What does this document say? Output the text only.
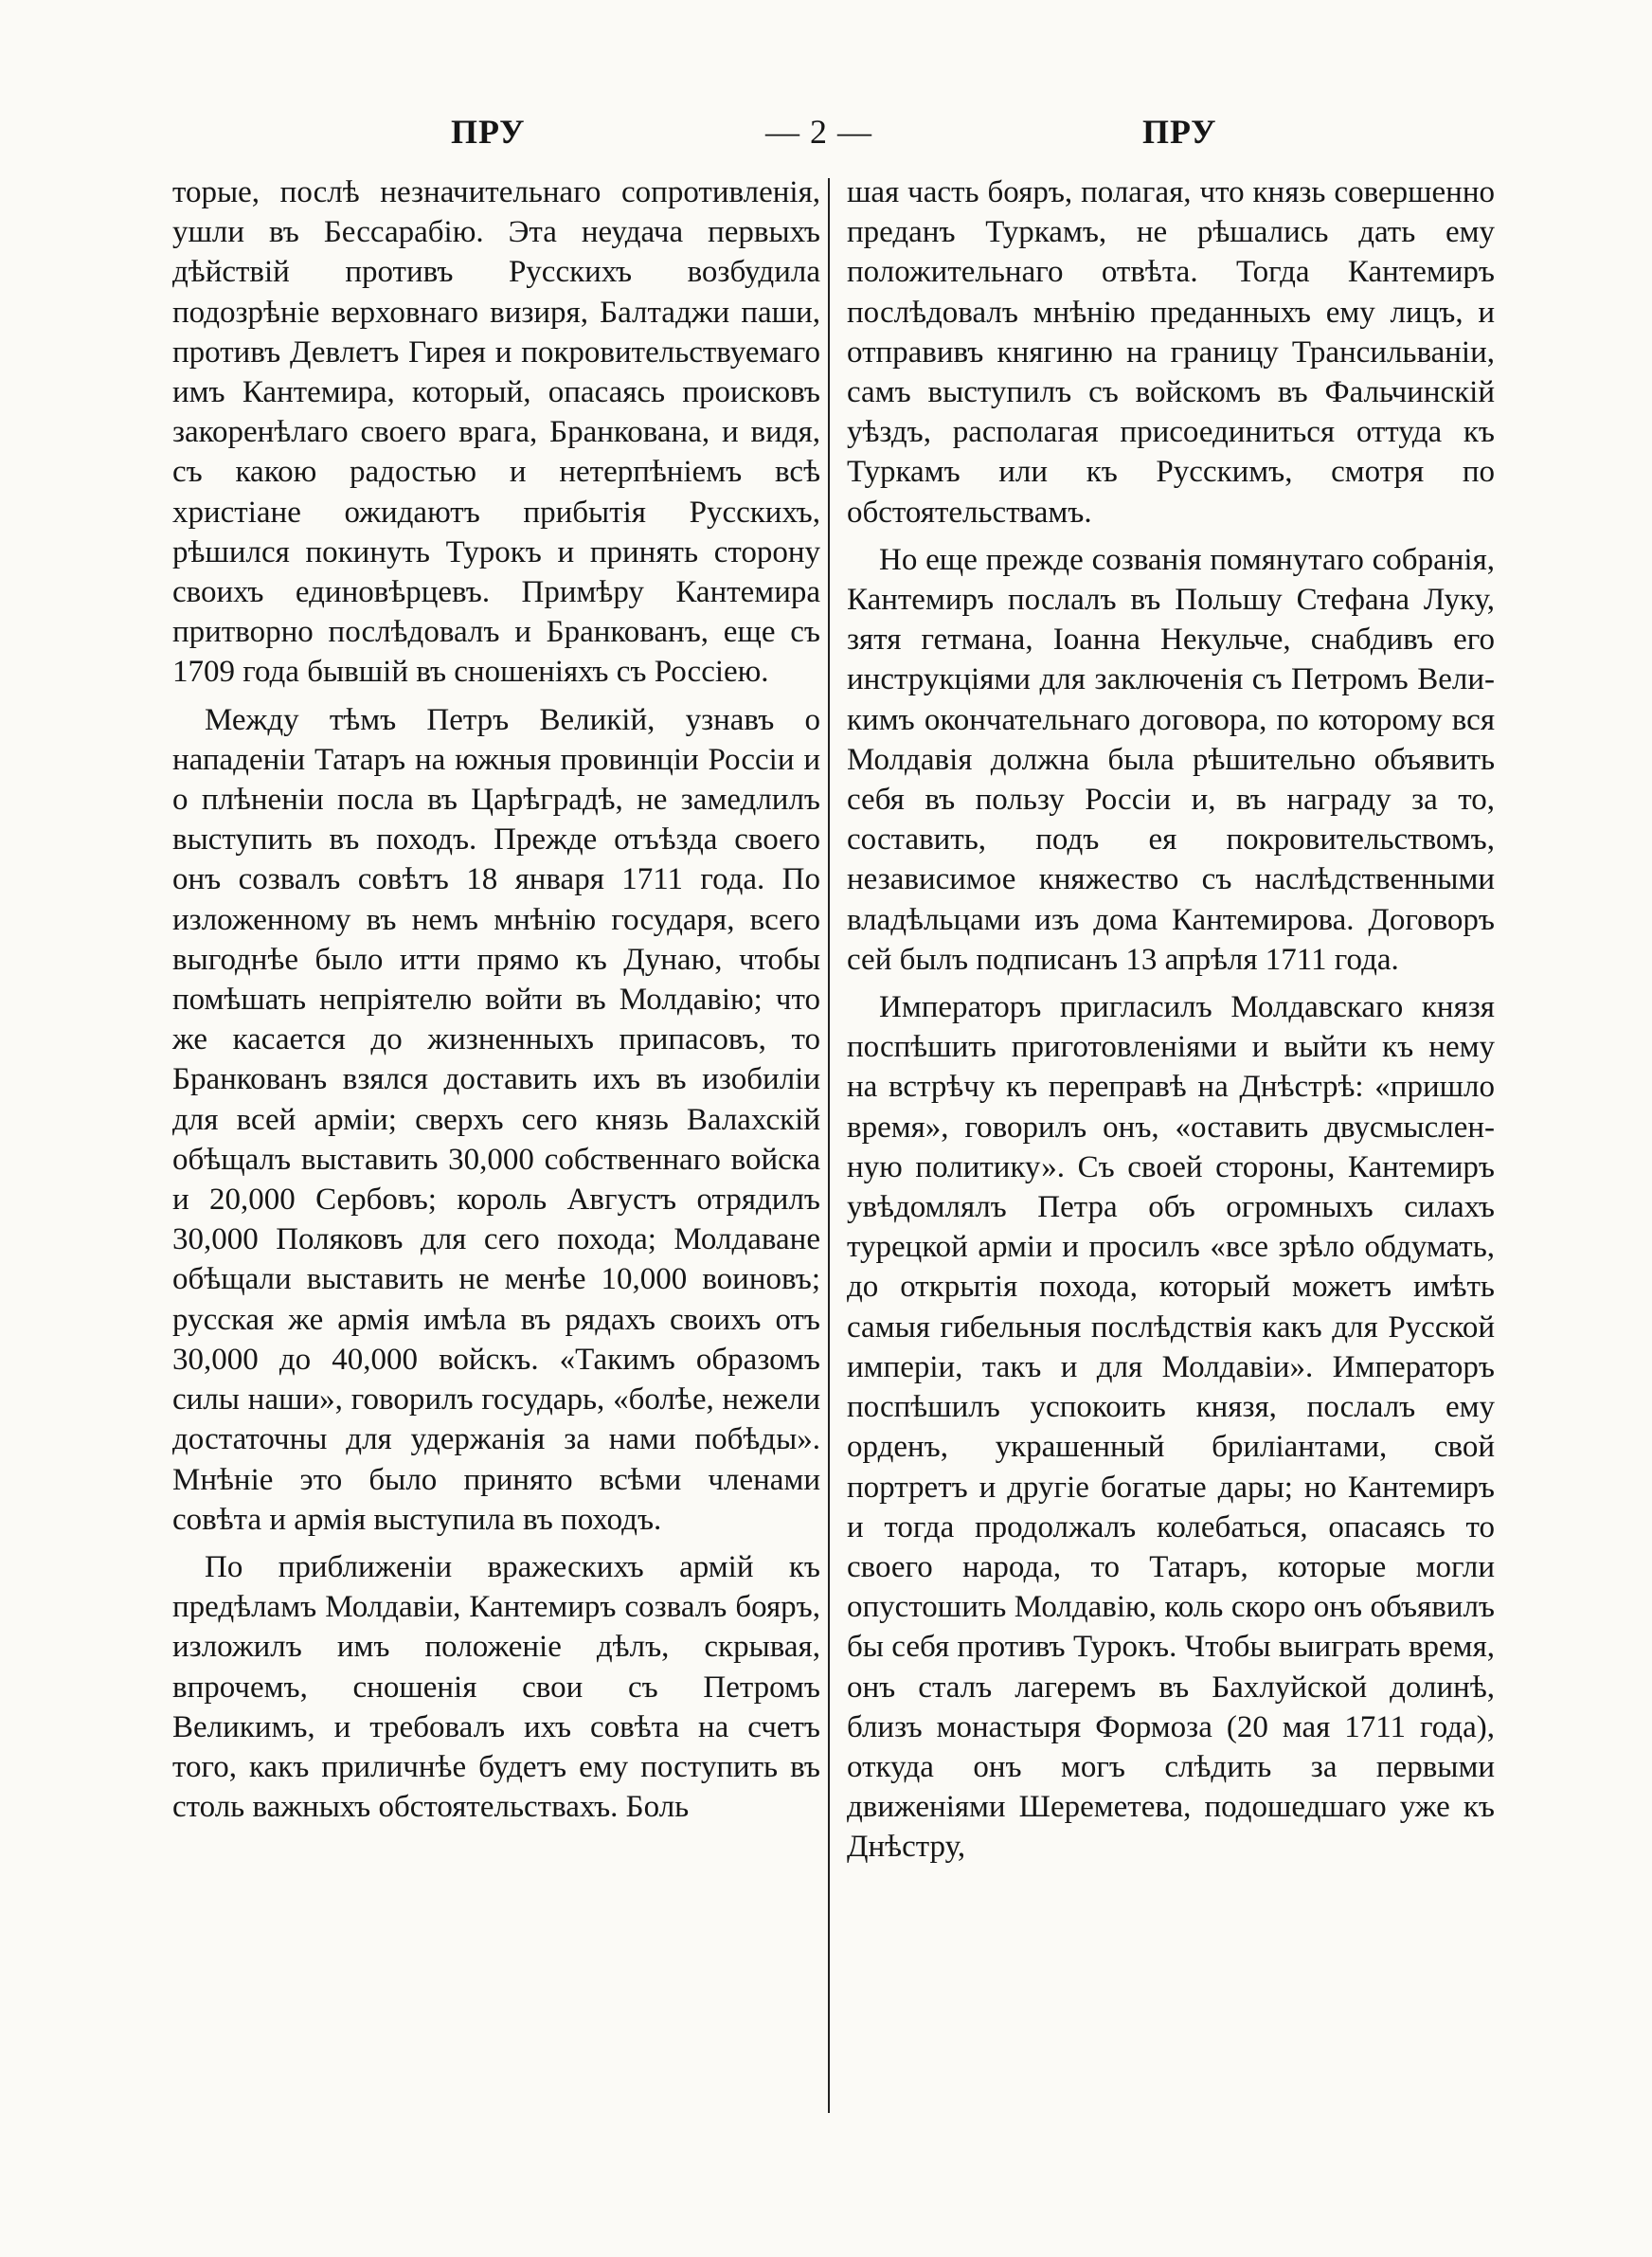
ПРУ	— 2 —	ПРУ

торые, послѣ незначительнаго сопротивленія, ушли въ Бессарабію. Эта неудача первыхъ дѣйствій противъ Русскихъ возбудила подозрѣніе верховнаго визиря, Балтаджи паши, противъ Девлетъ Гирея и покровительствуемаго имъ Кантемира, который, опасаясь происковъ закоренѣлаго своего врага, Бранкована, и видя, съ какою радостью и нетерпѣніемъ всѣ христіане ожидаютъ прибытія Русскихъ, рѣшился покинуть Турокъ и принять сторону своихъ единовѣрцевъ. Примѣру Кантемира притворно послѣдовалъ и Бранкованъ, еще съ 1709 года бывшій въ сношеніяхъ съ Россіею.

Между тѣмъ Петръ Великій, узнавъ о нападеніи Татаръ на южныя провинціи Россіи и о плѣненіи посла въ Царѣградѣ, не замедлилъ выступить въ походъ. Прежде отъѣзда своего онъ созвалъ совѣтъ 18 января 1711 года. По изложенному въ немъ мнѣнію государя, всего выгоднѣе было итти прямо къ Дунаю, чтобы помѣшать непріятелю войти въ Молдавію; что же касается до жизненныхъ припасовъ, то Бранкованъ взялся доставить ихъ въ изобиліи для всей арміи; сверхъ сего князь Валахскій обѣщалъ выставить 30,000 собственнаго войска и 20,000 Сербовъ; король Августъ отрядилъ 30,000 Поляковъ для сего похода; Молдаване обѣщали выставить не менѣе 10,000 воиновъ; русская же армія имѣла въ рядахъ своихъ отъ 30,000 до 40,000 войскъ. «Такимъ образомъ силы наши», говорилъ государь, «болѣе, нежели достаточны для удержанія за нами побѣды». Мнѣніе это было принято всѣми членами совѣта и армія выступила въ походъ.

По приближеніи вражескихъ армій къ предѣламъ Молдавіи, Кантемиръ созвалъ бояръ, изложилъ имъ положеніе дѣлъ, скрывая, впрочемъ, сношенія свои съ Петромъ Великимъ, и требовалъ ихъ совѣта на счетъ того, какъ приличнѣе будетъ ему поступить въ столь важныхъ обстоятельствахъ. Боль

шая часть бояръ, полагая, что князь совершенно преданъ Туркамъ, не рѣшались дать ему положительнаго отвѣта. Тогда Кантемиръ послѣдовалъ мнѣнію преданныхъ ему лицъ, и отправивъ княгиню на границу Трансильваніи, самъ выступилъ съ войскомъ въ Фальчинскій уѣздъ, располагая присоединиться оттуда къ Туркамъ или къ Русскимъ, смотря по обстоятельствамъ.

Но еще прежде созванія помянутаго собранія, Кантемиръ послалъ въ Польшу Стефана Луку, зятя гетмана, Іоанна Некульче, снабдивъ его инструкціями для заключенія съ Петромъ Великимъ окончательнаго договора, по которому вся Молдавія должна была рѣшительно объявить себя въ пользу Россіи и, въ награду за то, составить, подъ ея покровительствомъ, независимое княжество съ наслѣдственными владѣльцами изъ дома Кантемирова. Договоръ сей былъ подписанъ 13 апрѣля 1711 года.

Императоръ пригласилъ Молдавскаго князя поспѣшить приготовленіями и выйти къ нему на встрѣчу къ переправѣ на Днѣстрѣ: «пришло время», говорилъ онъ, «оставить двусмысленную политику». Съ своей стороны, Кантемиръ увѣдомлялъ Петра объ огромныхъ силахъ турецкой арміи и просилъ «все зрѣло обдумать, до открытія похода, который можетъ имѣть самыя гибельныя послѣдствія какъ для Русской имперіи, такъ и для Молдавіи». Императоръ поспѣшилъ успокоить князя, послалъ ему орденъ, украшенный бриліантами, свой портретъ и другіе богатые дары; но Кантемиръ и тогда продолжалъ колебаться, опасаясь то своего народа, то Татаръ, которые могли опустошить Молдавію, коль скоро онъ объявилъ бы себя противъ Турокъ. Чтобы выиграть время, онъ сталъ лагеремъ въ Бахлуйской долинѣ, близъ монастыря Формоза (20 мая 1711 года), откуда онъ могъ слѣдить за первыми движеніями Шереметева, подошедшаго уже къ Днѣстру,
